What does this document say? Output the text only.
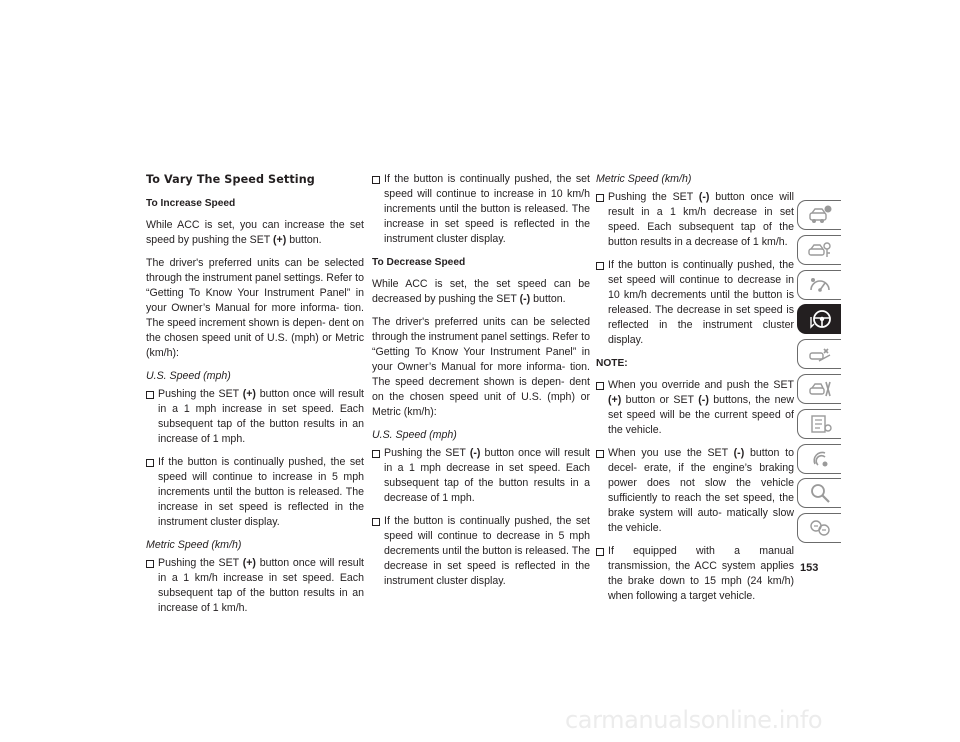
To Vary The Speed Setting
To Increase Speed

While ACC is set, you can increase the set speed by pushing the SET (+) button.

The driver's preferred units can be selected through the instrument panel settings. Refer to “Getting To Know Your Instrument Panel” in your Owner’s Manual for more informa- tion. The speed increment shown is depen- dent on the chosen speed unit of U.S. (mph) or Metric (km/h):

U.S. Speed (mph)
Pushing the SET (+) button once will result in a 1 mph increase in set speed. Each subsequent tap of the button results in an increase of 1 mph.
If the button is continually pushed, the set speed will continue to increase in 5 mph increments until the button is released. The increase in set speed is reflected in the instrument cluster display.
Metric Speed (km/h)
Pushing the SET (+) button once will result in a 1 km/h increase in set speed. Each subsequent tap of the button results in an increase of 1 km/h.
If the button is continually pushed, the set speed will continue to increase in 10 km/h increments until the button is released. The increase in set speed is reflected in the instrument cluster display.
To Decrease Speed

While ACC is set, the set speed can be decreased by pushing the SET (-) button.

The driver's preferred units can be selected through the instrument panel settings. Refer to “Getting To Know Your Instrument Panel” in your Owner’s Manual for more informa- tion. The speed decrement shown is depen- dent on the chosen speed unit of U.S. (mph) or Metric (km/h):

U.S. Speed (mph)
Pushing the SET (-) button once will result in a 1 mph decrease in set speed. Each subsequent tap of the button results in a decrease of 1 mph.
If the button is continually pushed, the set speed will continue to decrease in 5 mph decrements until the button is released. The decrease in set speed is reflected in the instrument cluster display.
Metric Speed (km/h)
Pushing the SET (-) button once will result in a 1 km/h decrease in set speed. Each subsequent tap of the button results in a decrease of 1 km/h.
If the button is continually pushed, the set speed will continue to decrease in 10 km/h decrements until the button is released. The decrease in set speed is reflected in the instrument cluster display.
NOTE:
When you override and push the SET (+) button or SET (-) buttons, the new set speed will be the current speed of the vehicle.
When you use the SET (-) button to decel- erate, if the engine’s braking power does not slow the vehicle sufficiently to reach the set speed, the brake system will auto- matically slow the vehicle.
If equipped with a manual transmission, the ACC system applies the brake down to 15 mph (24 km/h) when following a target vehicle.
153
carmanualsonline.info
